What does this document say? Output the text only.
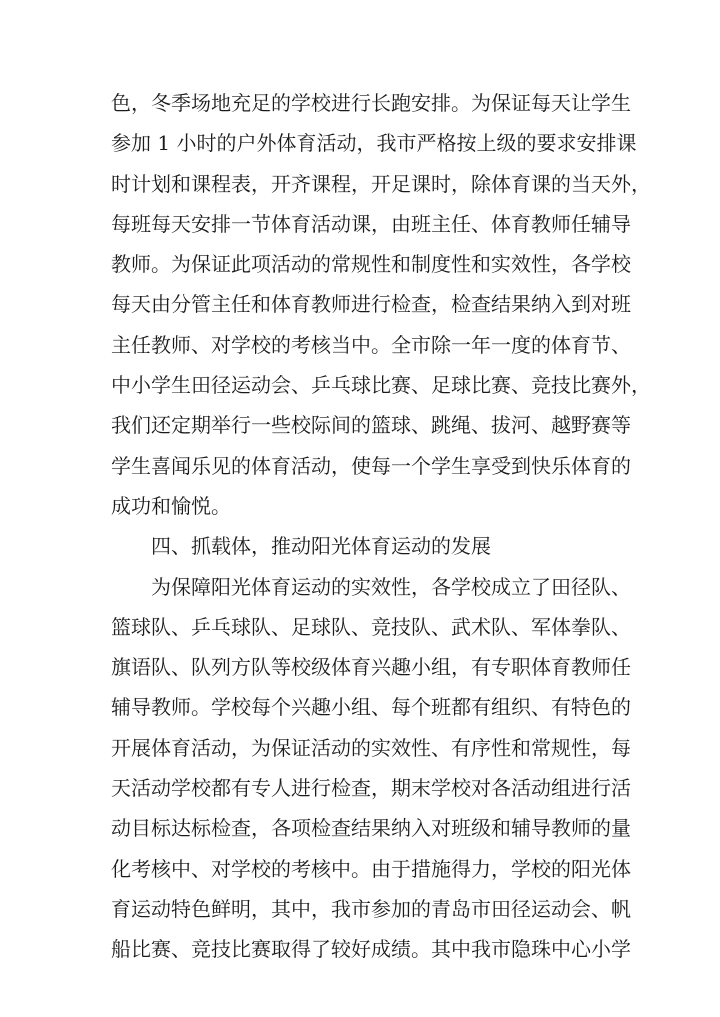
色，冬季场地充足的学校进行长跑安排。为保证每天让学生
参加 1 小时的户外体育活动，我市严格按上级的要求安排课
时计划和课程表，开齐课程，开足课时，除体育课的当天外，
每班每天安排一节体育活动课，由班主任、体育教师任辅导
教师。为保证此项活动的常规性和制度性和实效性，各学校
每天由分管主任和体育教师进行检查，检查结果纳入到对班
主任教师、对学校的考核当中。全市除一年一度的体育节、
中小学生田径运动会、乒乓球比赛、足球比赛、竞技比赛外，
我们还定期举行一些校际间的篮球、跳绳、拔河、越野赛等
学生喜闻乐见的体育活动，使每一个学生享受到快乐体育的
成功和愉悦。
四、抓载体，推动阳光体育运动的发展
为保障阳光体育运动的实效性，各学校成立了田径队、
篮球队、乒乓球队、足球队、竞技队、武术队、军体拳队、
旗语队、队列方队等校级体育兴趣小组，有专职体育教师任
辅导教师。学校每个兴趣小组、每个班都有组织、有特色的
开展体育活动，为保证活动的实效性、有序性和常规性，每
天活动学校都有专人进行检查，期末学校对各活动组进行活
动目标达标检查，各项检查结果纳入对班级和辅导教师的量
化考核中、对学校的考核中。由于措施得力，学校的阳光体
育运动特色鲜明，其中，我市参加的青岛市田径运动会、帆
船比赛、竞技比赛取得了较好成绩。其中我市隐珠中心小学
